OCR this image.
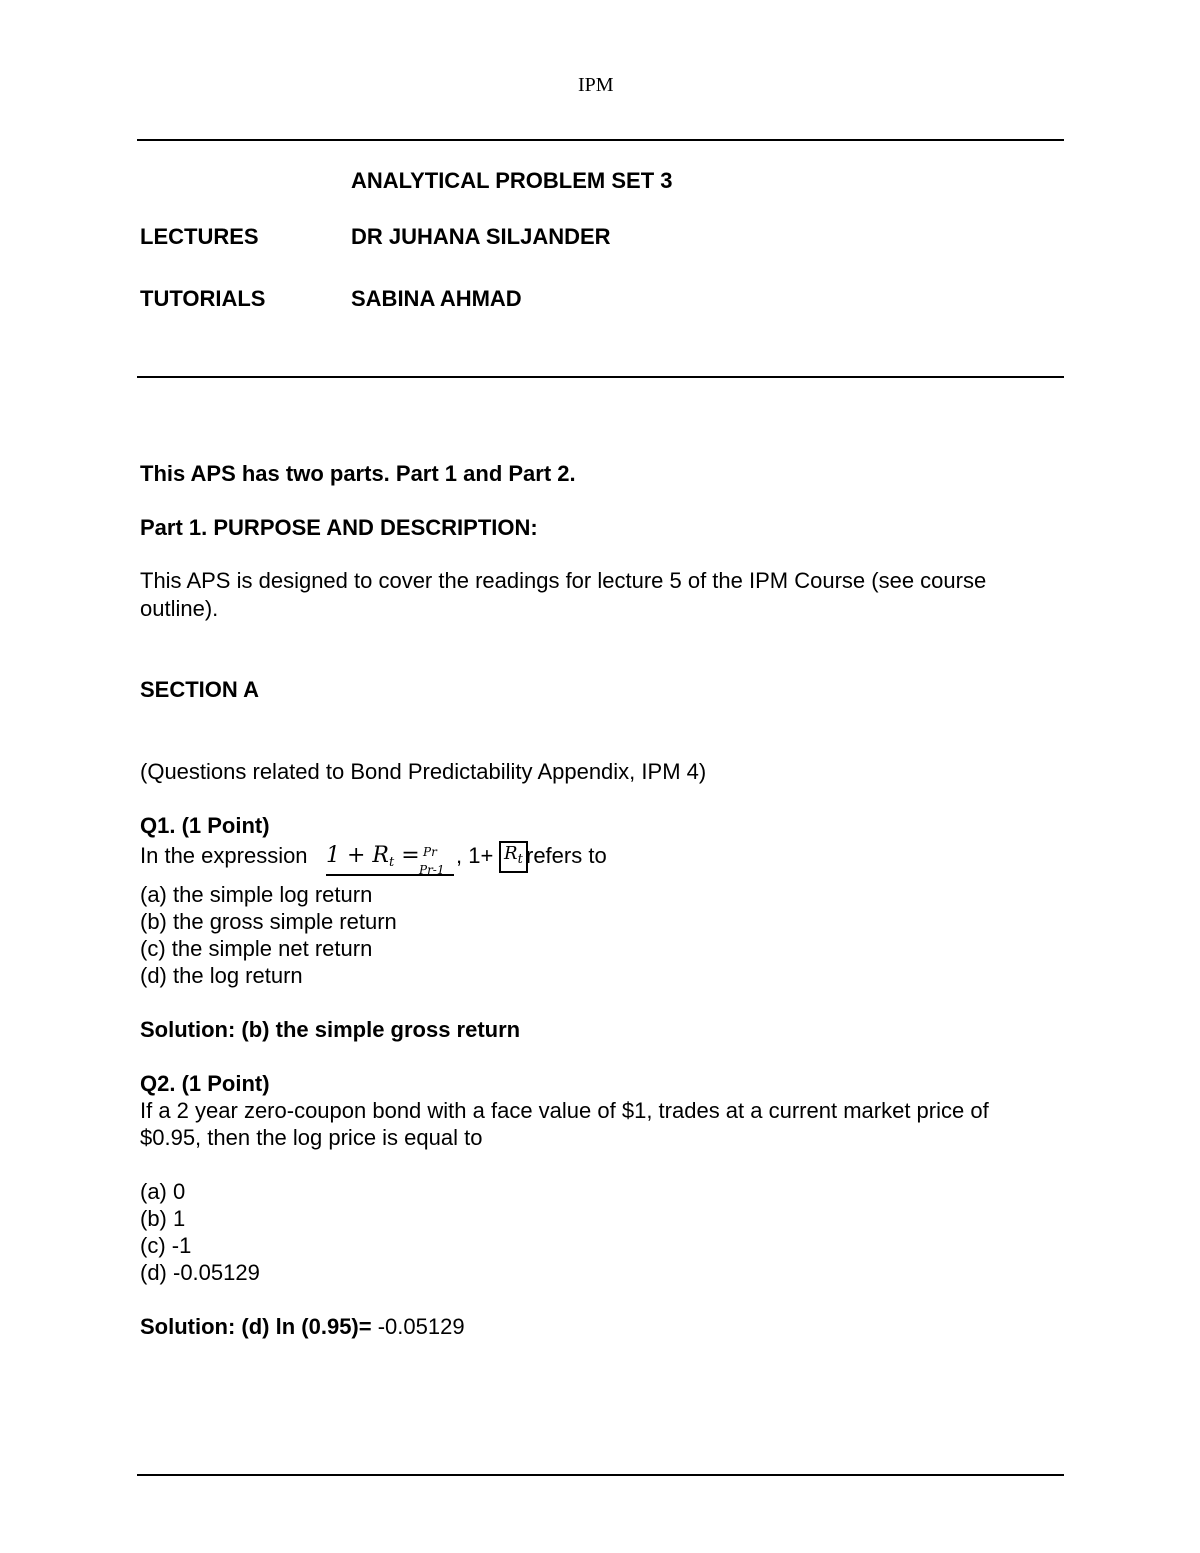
IPM
ANALYTICAL PROBLEM SET 3
LECTURES	DR JUHANA SILJANDER
TUTORIALS	SABINA AHMAD
This APS has two parts. Part 1 and Part 2.
Part 1. PURPOSE AND DESCRIPTION:
This APS is designed to cover the readings for lecture 5 of the IPM Course (see course
outline).
SECTION A
(Questions related to Bond Predictability Appendix, IPM 4)
Q1. (1 Point)
In the expression $1 + R_t = Pr$
Pr-1
, $1+ R_t$ refers to
(a) the simple log return
(b) the gross simple return
(c) the simple net return
(d) the log return
Solution: (b) the simple gross return
Q2. (1 Point)
If a 2 year zero-coupon bond with a face value of $1, trades at a current market price of
$0.95, then the log price is equal to
(a) 0
(b) 1
(c) -1
(d) -0.05129
Solution: (d) ln (0.95)= -0.05129
